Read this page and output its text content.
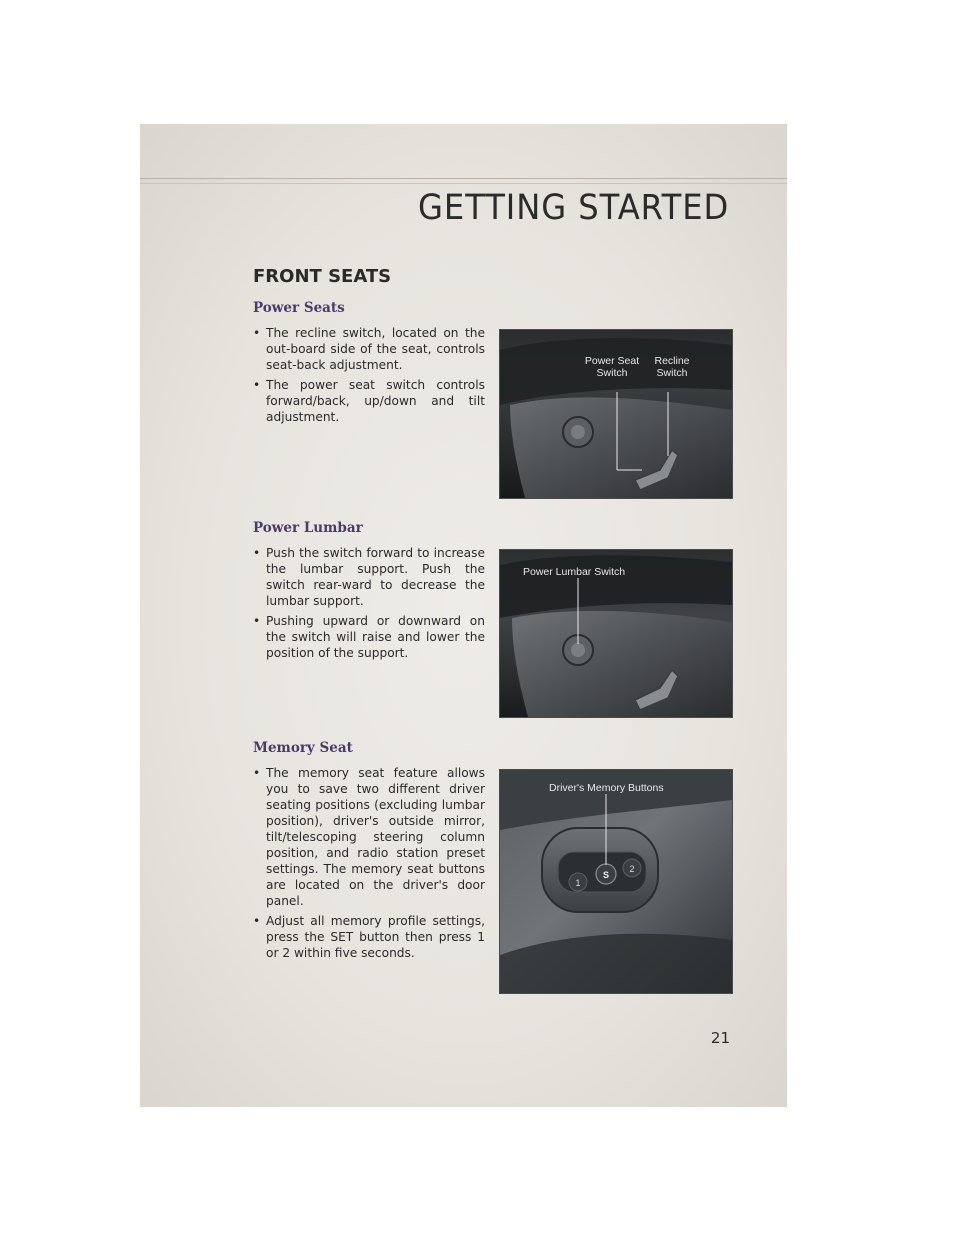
GETTING STARTED
FRONT SEATS
Power Seats
• The recline switch, located on the out-board side of the seat, controls seat-back adjustment.
• The power seat switch controls forward/back, up/down and tilt adjustment.
Power Seat
Switch
Recline
Switch
Power Lumbar
• Push the switch forward to increase the lumbar support. Push the switch rear-ward to decrease the lumbar support.
• Pushing upward or downward on the switch will raise and lower the position of the support.
Power Lumbar Switch
Memory Seat
• The memory seat feature allows you to save two different driver seating positions (excluding lumbar position), driver's outside mirror, tilt/telescoping steering column position, and radio station preset settings. The memory seat buttons are located on the driver's door panel.
• Adjust all memory profile settings, press the SET button then press 1 or 2 within five seconds.
1
S
2
Driver's Memory Buttons
21
